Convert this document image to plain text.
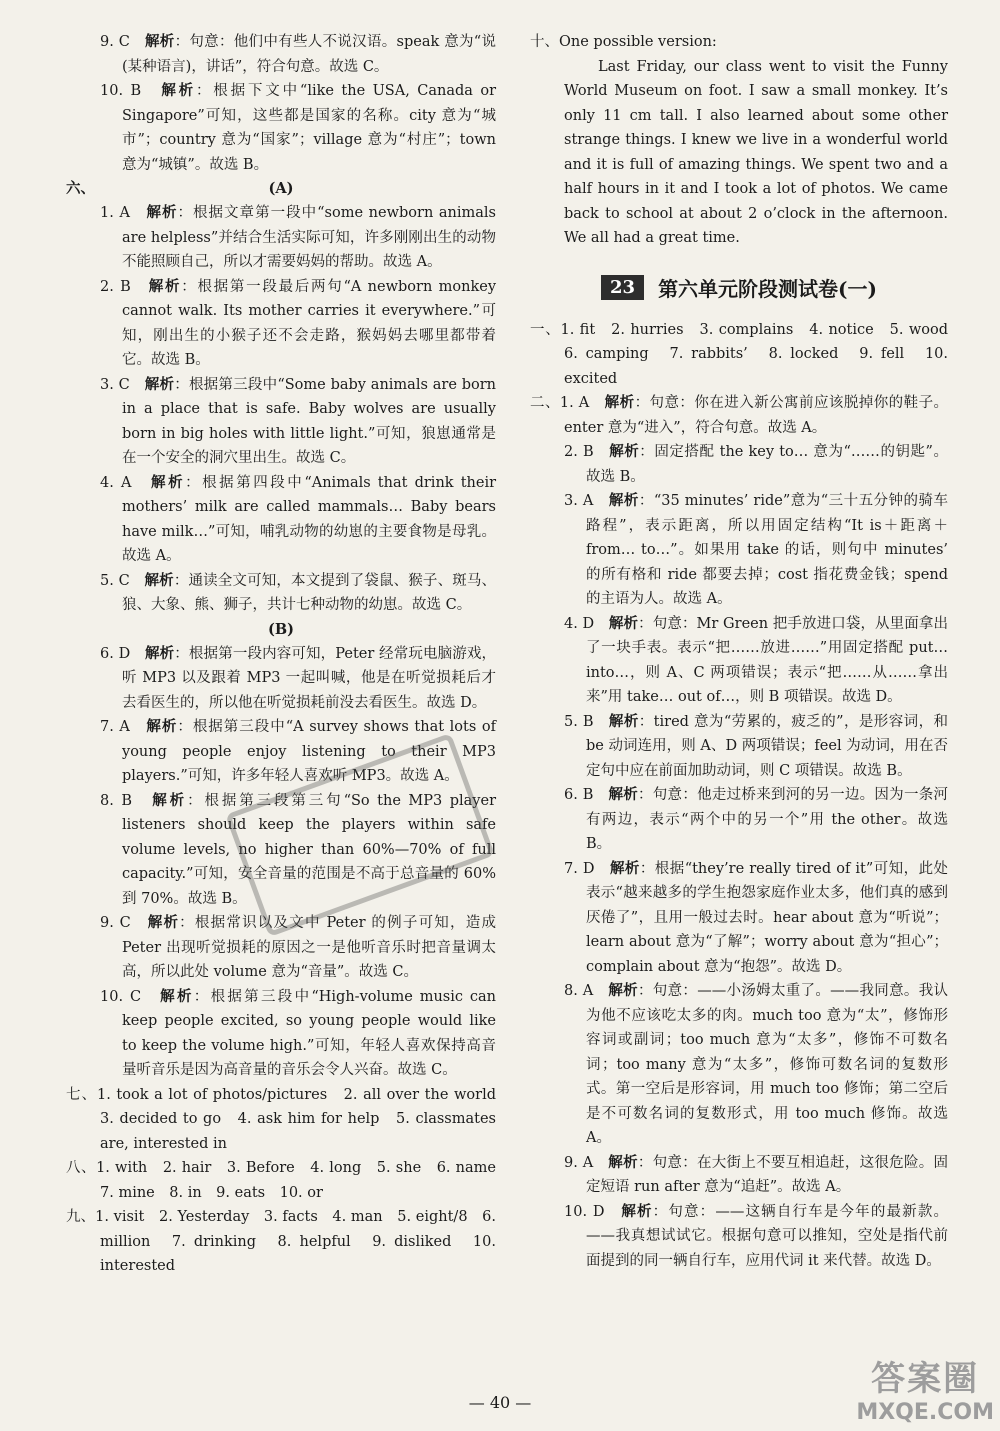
9. C　 解析：句意：他们中有些人不说汉语。speak 意为“说(某种语言)，讲话”，符合句意。故选 C。
10. B　 解析：根据下文中“like the USA, Canada or Singapore”可知，这些都是国家的名称。city 意为“城市”；country 意为“国家”；village 意为“村庄”；town 意为“城镇”。故选 B。
六、	(A)
1. A　 解析：根据文章第一段中“some newborn animals are helpless”并结合生活实际可知，许多刚刚出生的动物不能照顾自己，所以才需要妈妈的帮助。故选 A。
2. B　 解析：根据第一段最后两句“A newborn monkey cannot walk. Its mother carries it everywhere.”可知，刚出生的小猴子还不会走路，猴妈妈去哪里都带着它。故选 B。
3. C　 解析：根据第三段中“Some baby animals are born in a place that is safe. Baby wolves are usually born in big holes with little light.”可知，狼崽通常是在一个安全的洞穴里出生。故选 C。
4. A　 解析：根据第四段中“Animals that drink their mothers’ milk are called mammals… Baby bears have milk…”可知，哺乳动物的幼崽的主要食物是母乳。故选 A。
5. C　 解析：通读全文可知，本文提到了袋鼠、猴子、斑马、狼、大象、熊、狮子，共计七种动物的幼崽。故选 C。
(B)
6. D　 解析：根据第一段内容可知，Peter 经常玩电脑游戏，听 MP3 以及跟着 MP3 一起叫喊，他是在听觉损耗后才去看医生的，所以他在听觉损耗前没去看医生。故选 D。
7. A　 解析：根据第三段中“A survey shows that lots of young people enjoy listening to their MP3 players.”可知，许多年轻人喜欢听 MP3。故选 A。
8. B　 解析：根据第三段第三句“So the MP3 player listeners should keep the players within safe volume levels, no higher than 60%—70% of full capacity.”可知，安全音量的范围是不高于总音量的 60% 到 70%。故选 B。
9. C　 解析：根据常识以及文中 Peter 的例子可知，造成 Peter 出现听觉损耗的原因之一是他听音乐时把音量调太高，所以此处 volume 意为“音量”。故选 C。
10. C　 解析：根据第三段中“High-volume music can keep people excited, so young people would like to keep the volume high.”可知，年轻人喜欢保持高音量听音乐是因为高音量的音乐会令人兴奋。故选 C。
七、1. took a lot of photos/pictures　2. all over the world　3. decided to go　4. ask him for help　5. classmates are, interested in
八、1. with　2. hair　3. Before　4. long　5. she　6. name　7. mine　8. in　9. eats　10. or
九、1. visit　2. Yesterday　3. facts　4. man　5. eight/8　6. million　7. drinking　8. helpful　9. disliked　10. interested
十、One possible version:
Last Friday, our class went to visit the Funny World Museum on foot. I saw a small monkey. It’s only 11 cm tall. I also learned about some other strange things. I knew we live in a wonderful world and it is full of amazing things. We spent two and a half hours in it and I took a lot of photos. We came back to school at about 2 o’clock in the afternoon. We all had a great time.
23	第六单元阶段测试卷(一)
一、1. fit　2. hurries　3. complains　4. notice　5. wood　6. camping　7. rabbits’　8. locked　9. fell　10. excited
二、1. A　解析：句意：你在进入新公寓前应该脱掉你的鞋子。enter 意为“进入”，符合句意。故选 A。
2. B　 解析：固定搭配 the key to… 意为“……的钥匙”。故选 B。
3. A　 解析：“35 minutes’ ride”意为“三十五分钟的骑车路程”，表示距离，所以用固定结构“It is＋距离＋from… to…”。如果用 take 的话，则句中 minutes’ 的所有格和 ride 都要去掉；cost 指花费金钱；spend 的主语为人。故选 A。
4. D　 解析：句意：Mr Green 把手放进口袋，从里面拿出了一块手表。表示“把……放进……”用固定搭配 put… into…，则 A、C 两项错误；表示“把……从……拿出来”用 take… out of…，则 B 项错误。故选 D。
5. B　 解析：tired 意为“劳累的，疲乏的”，是形容词，和 be 动词连用，则 A、D 两项错误；feel 为动词，用在否定句中应在前面加助动词，则 C 项错误。故选 B。
6. B　 解析：句意：他走过桥来到河的另一边。因为一条河有两边，表示“两个中的另一个”用 the other。故选 B。
7. D　 解析：根据“they’re really tired of it”可知，此处表示“越来越多的学生抱怨家庭作业太多，他们真的感到厌倦了”，且用一般过去时。hear about 意为“听说”；learn about 意为“了解”；worry about 意为“担心”；complain about 意为“抱怨”。故选 D。
8. A　 解析：句意：——小汤姆太重了。——我同意。我认为他不应该吃太多的肉。much too 意为“太”，修饰形容词或副词；too much 意为“太多”，修饰不可数名词；too many 意为“太多”，修饰可数名词的复数形式。第一空后是形容词，用 much too 修饰；第二空后是不可数名词的复数形式，用 too much 修饰。故选 A。
9. A　 解析：句意：在大街上不要互相追赶，这很危险。固定短语 run after 意为“追赶”。故选 A。
10. D　 解析：句意：——这辆自行车是今年的最新款。——我真想试试它。根据句意可以推知，空处是指代前面提到的同一辆自行车，应用代词 it 来代替。故选 D。
— 40 —
答案圈
MXQE.COM
